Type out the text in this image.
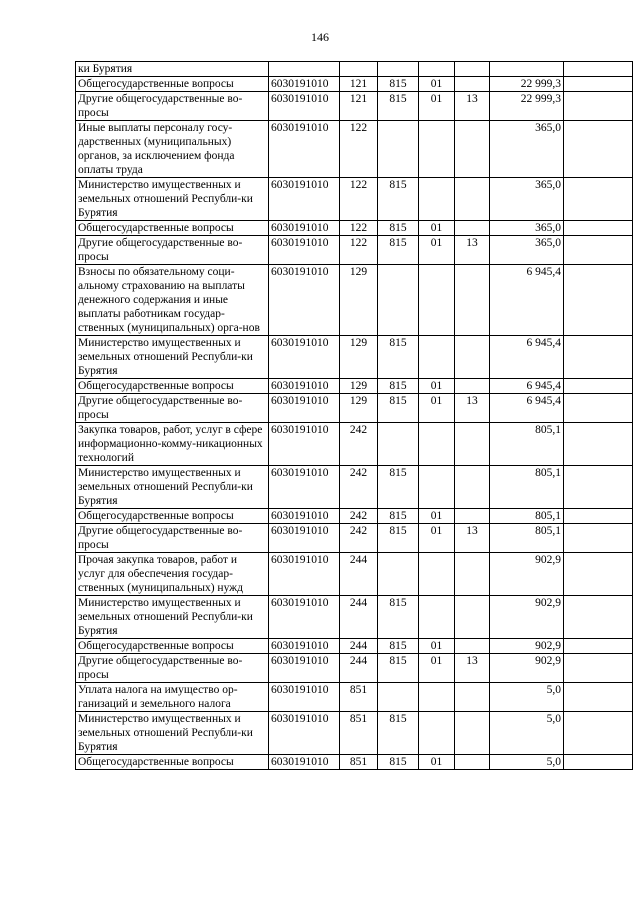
146
ки Бурятия							
Общегосударственные вопросы	6030191010	121	815	01		22 999,3	
Другие общегосударственные во-просы	6030191010	121	815	01	13	22 999,3	
Иные выплаты персоналу госу-дарственных (муниципальных) органов, за исключением фонда оплаты труда	6030191010	122				365,0	
Министерство имущественных и земельных отношений Республи-ки Бурятия	6030191010	122	815			365,0	
Общегосударственные вопросы	6030191010	122	815	01		365,0	
Другие общегосударственные во-просы	6030191010	122	815	01	13	365,0	
Взносы по обязательному соци-альному страхованию на выплаты денежного содержания и иные выплаты работникам государ-ственных (муниципальных) орга-нов	6030191010	129				6 945,4	
Министерство имущественных и земельных отношений Республи-ки Бурятия	6030191010	129	815			6 945,4	
Общегосударственные вопросы	6030191010	129	815	01		6 945,4	
Другие общегосударственные во-просы	6030191010	129	815	01	13	6 945,4	
Закупка товаров, работ, услуг в сфере информационно-комму-никационных технологий	6030191010	242				805,1	
Министерство имущественных и земельных отношений Республи-ки Бурятия	6030191010	242	815			805,1	
Общегосударственные вопросы	6030191010	242	815	01		805,1	
Другие общегосударственные во-просы	6030191010	242	815	01	13	805,1	
Прочая закупка товаров, работ и услуг для обеспечения государ-ственных (муниципальных) нужд	6030191010	244				902,9	
Министерство имущественных и земельных отношений Республи-ки Бурятия	6030191010	244	815			902,9	
Общегосударственные вопросы	6030191010	244	815	01		902,9	
Другие общегосударственные во-просы	6030191010	244	815	01	13	902,9	
Уплата налога на имущество ор-ганизаций и земельного налога	6030191010	851				5,0	
Министерство имущественных и земельных отношений Республи-ки Бурятия	6030191010	851	815			5,0	
Общегосударственные вопросы	6030191010	851	815	01		5,0	
